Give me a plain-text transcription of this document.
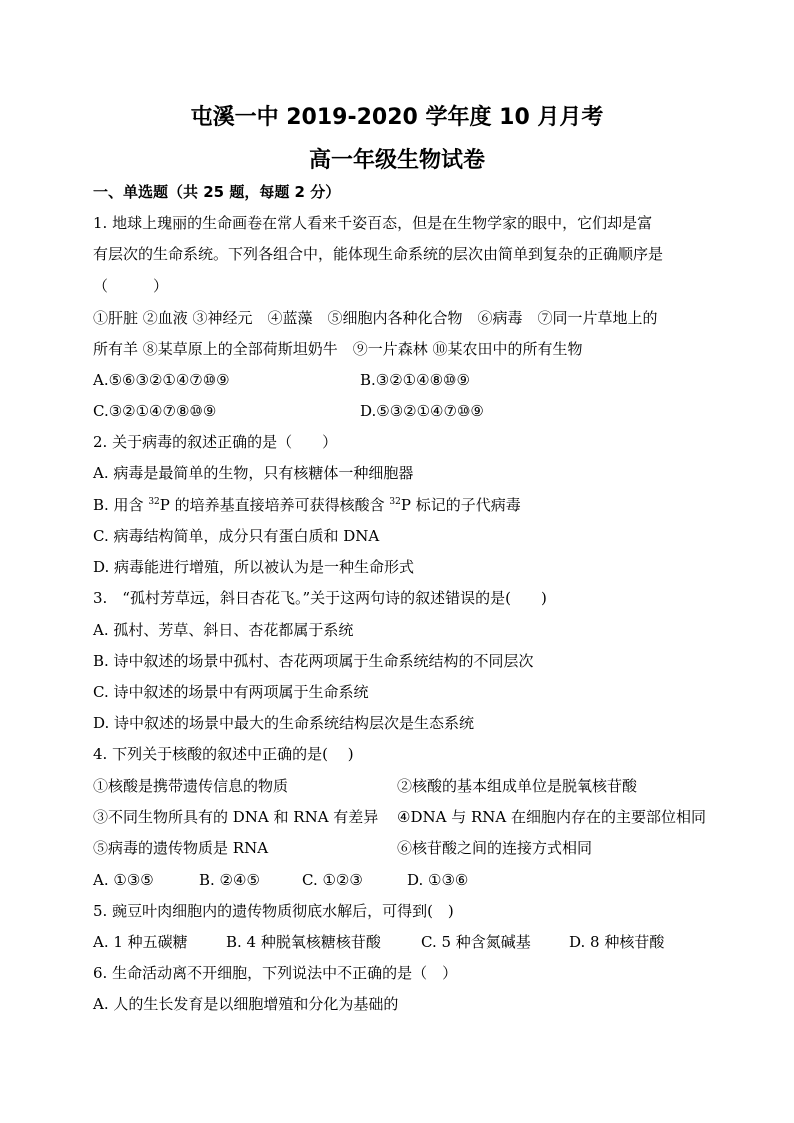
屯溪一中 2019-2020 学年度 10 月月考
高一年级生物试卷
一、单选题（共 25 题，每题 2 分）
1. 地球上瑰丽的生命画卷在常人看来千姿百态，但是在生物学家的眼中，它们却是富
有层次的生命系统。下列各组合中，能体现生命系统的层次由简单到复杂的正确顺序是
（　　　）
①肝脏 ②血液 ③神经元　④蓝藻　⑤细胞内各种化合物　⑥病毒　⑦同一片草地上的
所有羊 ⑧某草原上的全部荷斯坦奶牛　⑨一片森林 ⑩某农田中的所有生物
A.⑤⑥③②①④⑦⑩⑨	B.③②①④⑧⑩⑨
C.③②①④⑦⑧⑩⑨	D.⑤③②①④⑦⑩⑨
2. 关于病毒的叙述正确的是（　　）
A. 病毒是最简单的生物，只有核糖体一种细胞器
B. 用含 $^{32}$P 的培养基直接培养可获得核酸含 $^{32}$P 标记的子代病毒
C. 病毒结构简单，成分只有蛋白质和 DNA
D. 病毒能进行增殖，所以被认为是一种生命形式
3.　“孤村芳草远，斜日杏花飞。”关于这两句诗的叙述错误的是(　　)
A. 孤村、芳草、斜日、杏花都属于系统
B. 诗中叙述的场景中孤村、杏花两项属于生命系统结构的不同层次
C. 诗中叙述的场景中有两项属于生命系统
D. 诗中叙述的场景中最大的生命系统结构层次是生态系统
4. 下列关于核酸的叙述中正确的是(　 )
①核酸是携带遗传信息的物质	②核酸的基本组成单位是脱氧核苷酸
③不同生物所具有的 DNA 和 RNA 有差异 ④DNA 与 RNA 在细胞内存在的主要部位相同
⑤病毒的遗传物质是 RNA	⑥核苷酸之间的连接方式相同
A. ①③⑤	B. ②④⑤	C. ①②③	D. ①③⑥
5. 豌豆叶肉细胞内的遗传物质彻底水解后，可得到(　)
A. 1 种五碳糖	B. 4 种脱氧核糖核苷酸	C. 5 种含氮碱基	D. 8 种核苷酸
6. 生命活动离不开细胞，下列说法中不正确的是（　）
A. 人的生长发育是以细胞增殖和分化为基础的
